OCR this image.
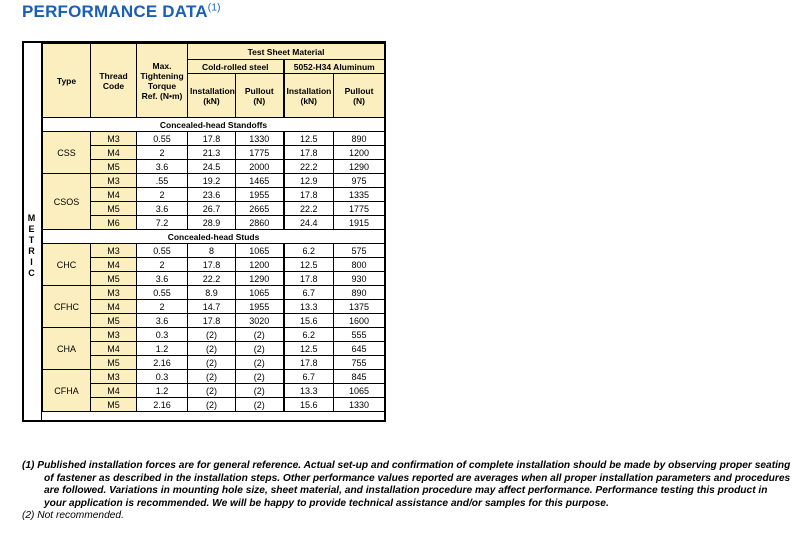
PERFORMANCE DATA$^{(1)}$
M
E
T
R
I
C
Type	Thread Code	Max. Tightening Torque Ref. (N•m)	Test Sheet Material			
			Cold-rolled steel		5052-H34 Aluminum	
			Installation (kN)	Pullout (N)	Installation (kN)	Pullout (N)
Concealed-head Standoffs						
CSS	M3	0.55	17.8	1330	12.5	890
	M4	2	21.3	1775	17.8	1200
	M5	3.6	24.5	2000	22.2	1290
CSOS	M3	.55	19.2	1465	12.9	975
	M4	2	23.6	1955	17.8	1335
	M5	3.6	26.7	2665	22.2	1775
	M6	7.2	28.9	2860	24.4	1915
Concealed-head Studs						
CHC	M3	0.55	8	1065	6.2	575
	M4	2	17.8	1200	12.5	800
	M5	3.6	22.2	1290	17.8	930
CFHC	M3	0.55	8.9	1065	6.7	890
	M4	2	14.7	1955	13.3	1375
	M5	3.6	17.8	3020	15.6	1600
CHA	M3	0.3	(2)	(2)	6.2	555
	M4	1.2	(2)	(2)	12.5	645
	M5	2.16	(2)	(2)	17.8	755
CFHA	M3	0.3	(2)	(2)	6.7	845
	M4	1.2	(2)	(2)	13.3	1065
	M5	2.16	(2)	(2)	15.6	1330
(1) Published installation forces are for general reference. Actual set-up and confirmation of complete installation should be made by observing proper seating of fastener as described in the installation steps. Other performance values reported are averages when all proper installation parameters and procedures are followed. Variations in mounting hole size, sheet material, and installation procedure may affect performance. Performance testing this product in your application is recommended. We will be happy to provide technical assistance and/or samples for this purpose.
(2) Not recommended.
